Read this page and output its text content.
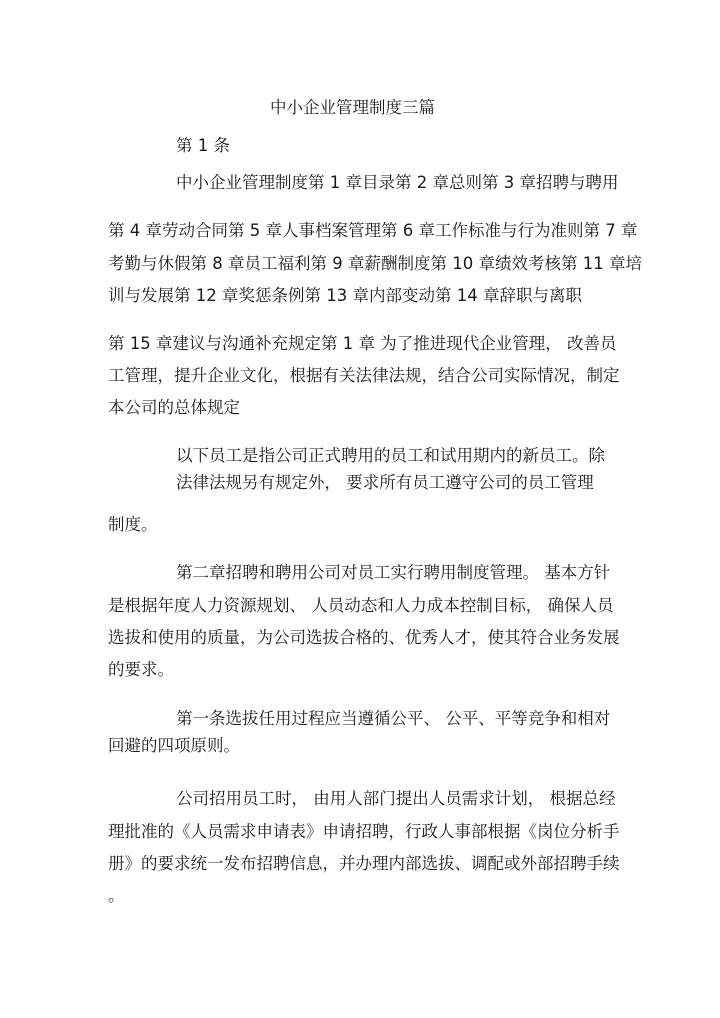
中小企业管理制度三篇
第 1 条
中小企业管理制度第 1 章目录第 2 章总则第 3 章招聘与聘用
第 4 章劳动合同第 5 章人事档案管理第 6 章工作标准与行为准则第 7 章
考勤与休假第 8 章员工福利第 9 章薪酬制度第 10 章绩效考核第 11 章培
训与发展第 12 章奖惩条例第 13 章内部变动第 14 章辞职与离职
第 15 章建议与沟通补充规定第 1 章 为了推进现代企业管理， 改善员
工管理，提升企业文化，根据有关法律法规，结合公司实际情况，制定
本公司的总体规定
以下员工是指公司正式聘用的员工和试用期内的新员工。除
法律法规另有规定外， 要求所有员工遵守公司的员工管理
制度。
第二章招聘和聘用公司对员工实行聘用制度管理。 基本方针
是根据年度人力资源规划、 人员动态和人力成本控制目标， 确保人员
选拔和使用的质量，为公司选拔合格的、优秀人才，使其符合业务发展
的要求。
第一条选拔任用过程应当遵循公平、 公平、平等竞争和相对
回避的四项原则。
公司招用员工时， 由用人部门提出人员需求计划， 根据总经
理批准的《人员需求申请表》申请招聘，行政人事部根据《岗位分析手
册》的要求统一发布招聘信息，并办理内部选拔、调配或外部招聘手续
。
